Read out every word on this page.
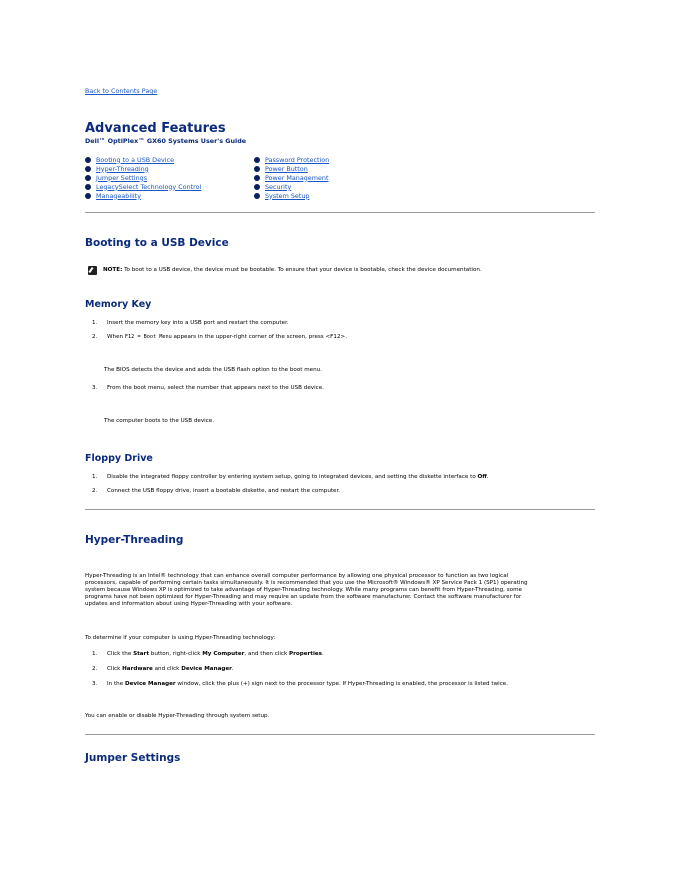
Back to Contents Page
Advanced Features
Dell™ OptiPlex™ GX60 Systems User's Guide
Booting to a USB Device
Hyper-Threading
Jumper Settings
LegacySelect Technology Control
Manageability
Password Protection
Power Button
Power Management
Security
System Setup
Booting to a USB Device
NOTE: To boot to a USB device, the device must be bootable. To ensure that your device is bootable, check the device documentation.
Memory Key
1. Insert the memory key into a USB port and restart the computer.
2. When F12 = Boot Menu appears in the upper-right corner of the screen, press <F12>.
The BIOS detects the device and adds the USB flash option to the boot menu.
3. From the boot menu, select the number that appears next to the USB device.
The computer boots to the USB device.
Floppy Drive
1. Disable the integrated floppy controller by entering system setup, going to integrated devices, and setting the diskette interface to Off.
2. Connect the USB floppy drive, insert a bootable diskette, and restart the computer.
Hyper-Threading
Hyper-Threading is an Intel® technology that can enhance overall computer performance by allowing one physical processor to function as two logical
processors, capable of performing certain tasks simultaneously. It is recommended that you use the Microsoft® Windows® XP Service Pack 1 (SP1) operating
system because Windows XP is optimized to take advantage of Hyper-Threading technology. While many programs can benefit from Hyper-Threading, some
programs have not been optimized for Hyper-Threading and may require an update from the software manufacturer. Contact the software manufacturer for
updates and information about using Hyper-Threading with your software.
To determine if your computer is using Hyper-Threading technology:
1. Click the Start button, right-click My Computer, and then click Properties.
2. Click Hardware and click Device Manager.
3. In the Device Manager window, click the plus (+) sign next to the processor type. If Hyper-Threading is enabled, the processor is listed twice.
You can enable or disable Hyper-Threading through system setup.
Jumper Settings
